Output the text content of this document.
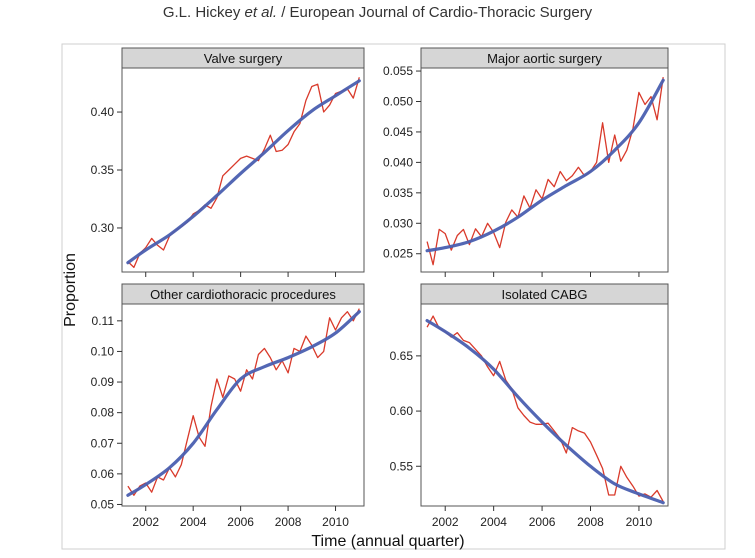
G.L. Hickey et al. / European Journal of Cardio-Thoracic Surgery
Valve surgery
0.30
0.35
0.40
Major aortic surgery
0.025
0.030
0.035
0.040
0.045
0.050
0.055
Other cardiothoracic procedures
0.05
0.06
0.07
0.08
0.09
0.10
0.11
2002 2004 2006 2008 2010
Isolated CABG
0.55
0.60
0.65
2002 2004 2006 2008 2010
Proportion
Time (annual quarter)
